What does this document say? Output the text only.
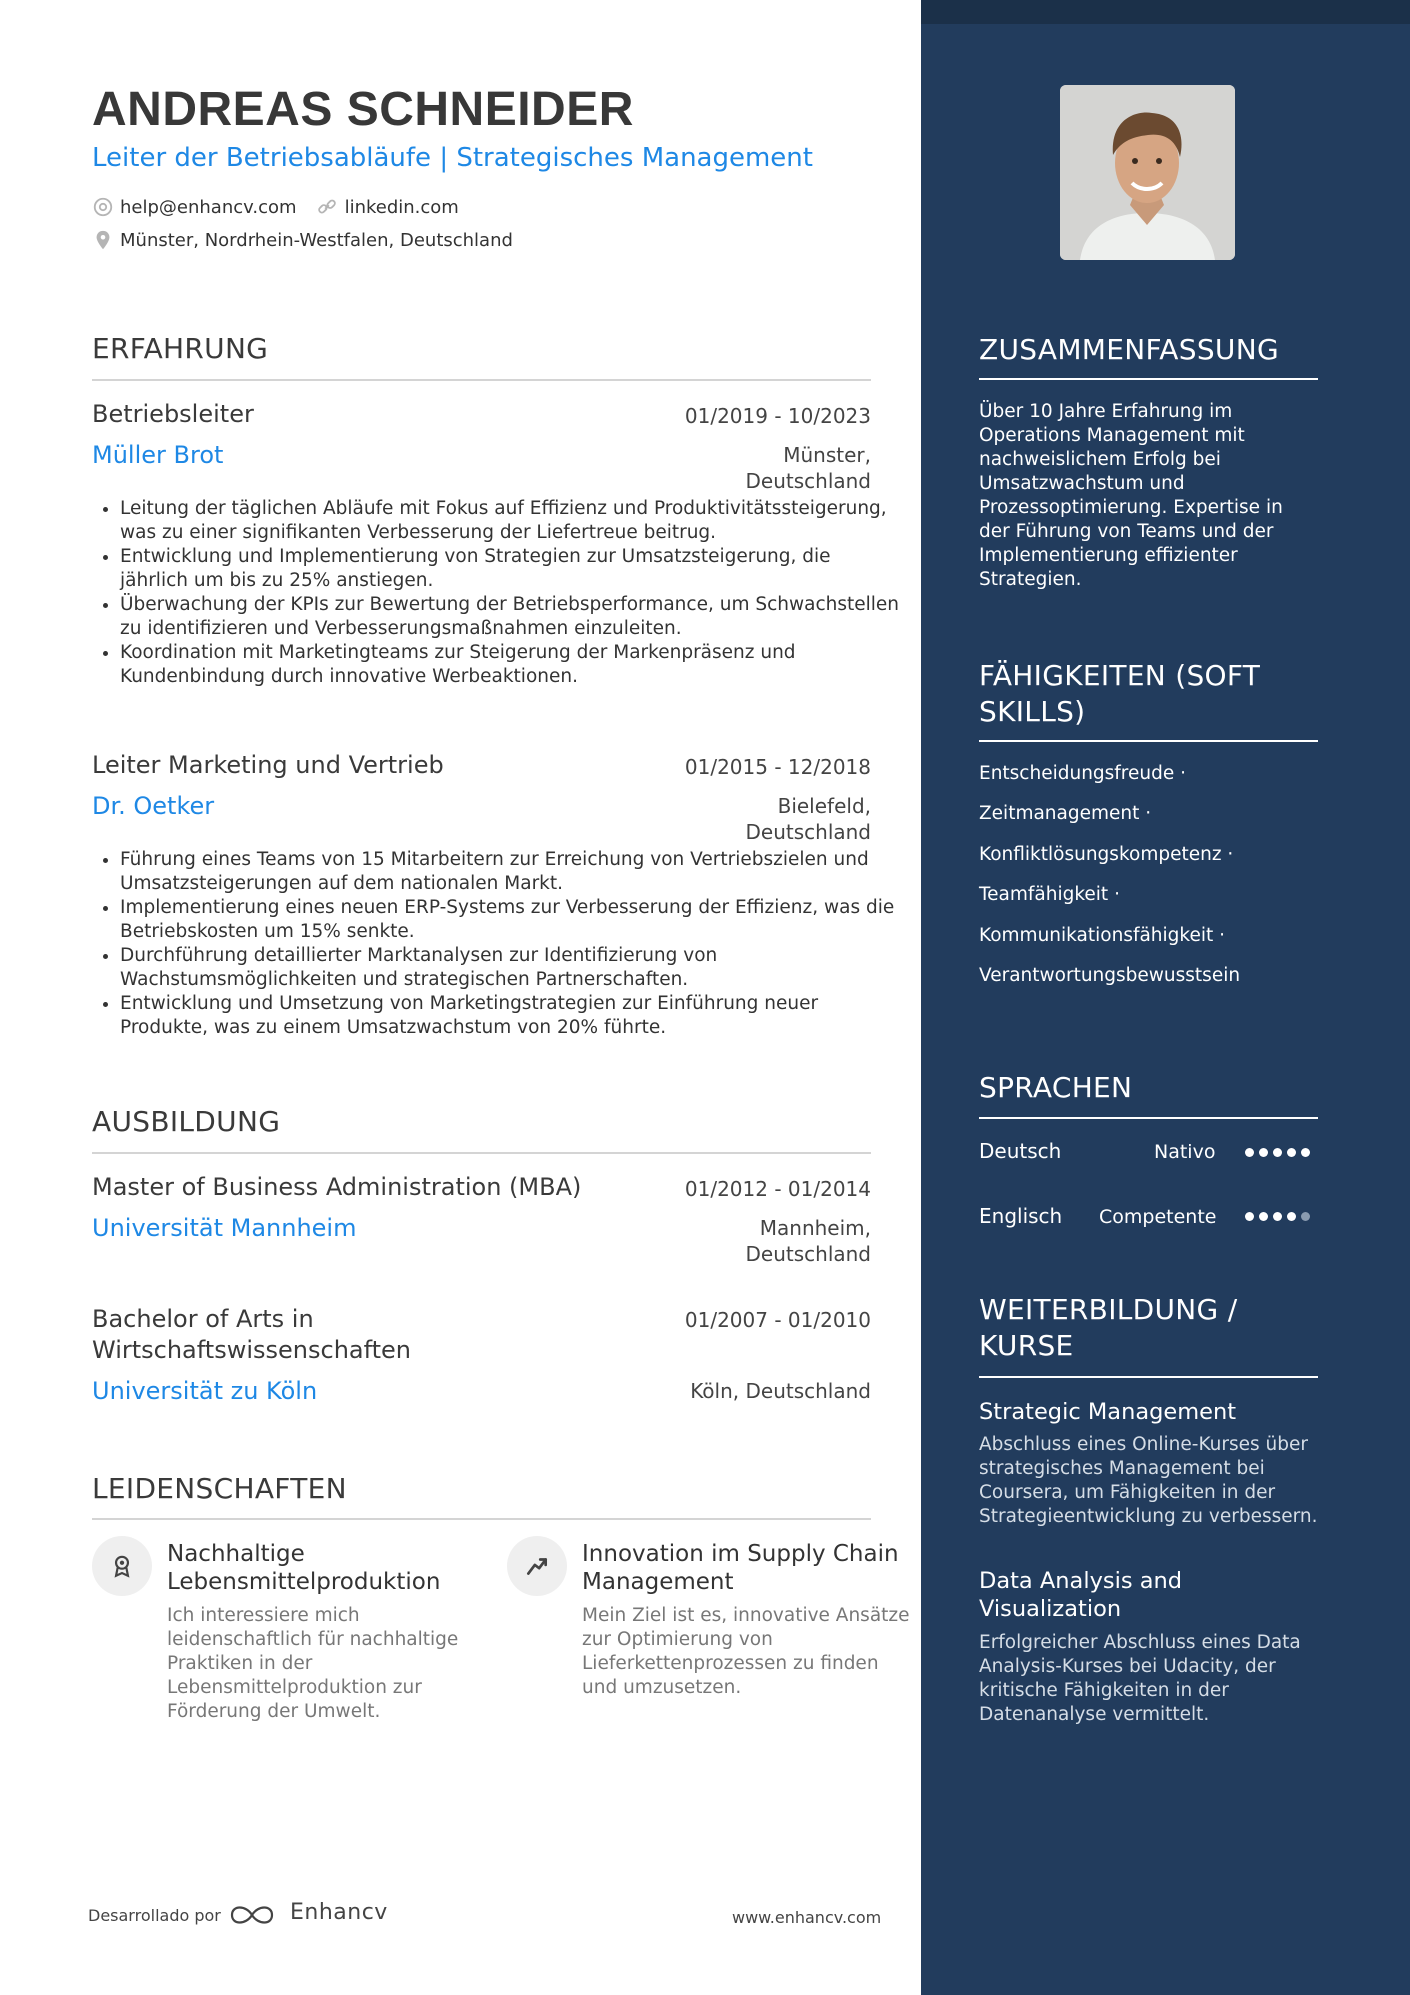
ANDREAS SCHNEIDER
Leiter der Betriebsabläufe | Strategisches Management
help@enhancv.com	linkedin.com
Münster, Nordrhein-Westfalen, Deutschland
ERFAHRUNG
Betriebsleiter	01/2019 - 10/2023
Müller Brot	Münster,
Deutschland
• Leitung der täglichen Abläufe mit Fokus auf Effizienz und Produktivitätssteigerung, was zu einer signifikanten Verbesserung der Liefertreue beitrug.
• Entwicklung und Implementierung von Strategien zur Umsatzsteigerung, die jährlich um bis zu 25% anstiegen.
• Überwachung der KPIs zur Bewertung der Betriebsperformance, um Schwachstellen zu identifizieren und Verbesserungsmaßnahmen einzuleiten.
• Koordination mit Marketingteams zur Steigerung der Markenpräsenz und Kundenbindung durch innovative Werbeaktionen.
Leiter Marketing und Vertrieb	01/2015 - 12/2018
Dr. Oetker	Bielefeld,
Deutschland
• Führung eines Teams von 15 Mitarbeitern zur Erreichung von Vertriebszielen und Umsatzsteigerungen auf dem nationalen Markt.
• Implementierung eines neuen ERP-Systems zur Verbesserung der Effizienz, was die Betriebskosten um 15% senkte.
• Durchführung detaillierter Marktanalysen zur Identifizierung von Wachstumsmöglichkeiten und strategischen Partnerschaften.
• Entwicklung und Umsetzung von Marketingstrategien zur Einführung neuer Produkte, was zu einem Umsatzwachstum von 20% führte.
AUSBILDUNG
Master of Business Administration (MBA)	01/2012 - 01/2014
Universität Mannheim	Mannheim,
Deutschland
Bachelor of Arts in
Wirtschaftswissenschaften
01/2007 - 01/2010
Universität zu Köln	Köln, Deutschland
LEIDENSCHAFTEN
Nachhaltige Lebensmittelproduktion
Ich interessiere mich leidenschaftlich für nachhaltige Praktiken in der Lebensmittelproduktion zur Förderung der Umwelt.
Innovation im Supply Chain Management
Mein Ziel ist es, innovative Ansätze zur Optimierung von Lieferkettenprozessen zu finden und umzusetzen.
Desarrollado por	Enhancv	www.enhancv.com
ZUSAMMENFASSUNG
Über 10 Jahre Erfahrung im Operations Management mit nachweislichem Erfolg bei Umsatzwachstum und Prozessoptimierung. Expertise in der Führung von Teams und der Implementierung effizienter Strategien.
FÄHIGKEITEN (SOFT SKILLS)
Entscheidungsfreude ·
Zeitmanagement ·
Konfliktlösungskompetenz ·
Teamfähigkeit ·
Kommunikationsfähigkeit ·
Verantwortungsbewusstsein
SPRACHEN
Deutsch	Nativo
Englisch Competente
WEITERBILDUNG / KURSE
Strategic Management
Abschluss eines Online-Kurses über strategisches Management bei Coursera, um Fähigkeiten in der Strategieentwicklung zu verbessern.
Data Analysis and Visualization
Erfolgreicher Abschluss eines Data Analysis-Kurses bei Udacity, der kritische Fähigkeiten in der Datenanalyse vermittelt.
